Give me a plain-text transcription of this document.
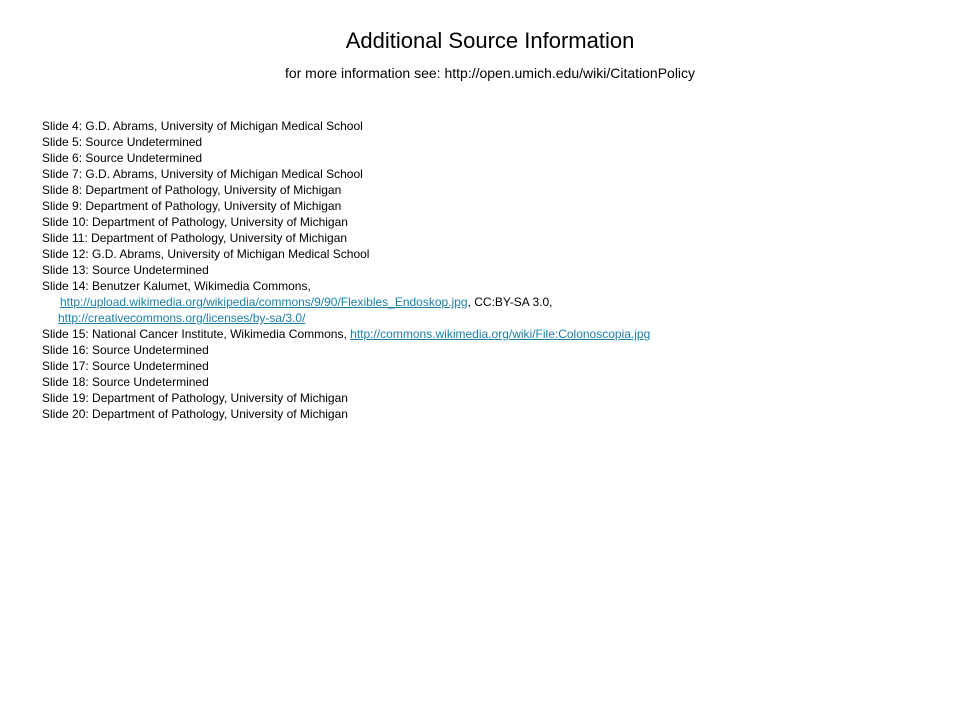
Additional Source Information
for more information see: http://open.umich.edu/wiki/CitationPolicy
Slide 4: G.D. Abrams, University of Michigan Medical School
Slide 5: Source Undetermined
Slide 6: Source Undetermined
Slide 7: G.D. Abrams, University of Michigan Medical School
Slide 8: Department of Pathology, University of Michigan
Slide 9: Department of Pathology, University of Michigan
Slide 10: Department of Pathology, University of Michigan
Slide 11: Department of Pathology, University of Michigan
Slide 12: G.D. Abrams, University of Michigan Medical School
Slide 13: Source Undetermined
Slide 14: Benutzer Kalumet, Wikimedia Commons,
http://upload.wikimedia.org/wikipedia/commons/9/90/Flexibles_Endoskop.jpg, CC:BY-SA 3.0,
http://creativecommons.org/licenses/by-sa/3.0/
Slide 15: National Cancer Institute, Wikimedia Commons, http://commons.wikimedia.org/wiki/File:Colonoscopia.jpg
Slide 16: Source Undetermined
Slide 17: Source Undetermined
Slide 18: Source Undetermined
Slide 19: Department of Pathology, University of Michigan
Slide 20: Department of Pathology, University of Michigan
